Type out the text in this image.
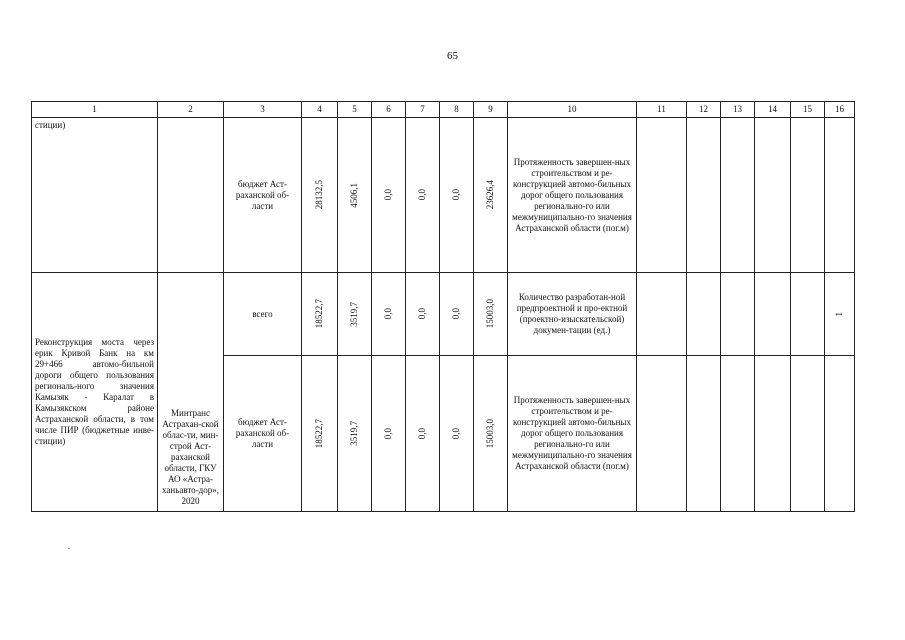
65
1	2	3	4	5	6	7	8	9	10	11	12	13	14	15	16
стиции)		бюджет Аст-раханской об-ласти	28132,5	4506,1	0,0	0,0	0,0	23626,4	Протяженность завершен-ных строительством и ре-конструкцией автомо-бильных дорог общего пользования регионально-го или межмуниципально-го значения Астраханской области (пог.м)						
Реконструкция моста через ерик Кривой Банк на км 29+466 автомо-бильной дороги общего пользования региональ-ного значения Камызяк - Каралат в Камызякском районе Астраханской области, в том числе ПИР (бюджетные инве-стиции)	Минтранс Астрахан-ской облас-ти, мин-строй Аст-раханской области, ГКУ АО «Астра-ханьавто-дор», 2020	всего	18522,7	3519,7	0,0	0,0	0,0	15003,0	Количество разработан-ной предпроектной и про-ектной (проектно-изыскательской) докумен-тации (ед.)						1

		бюджет Аст-раханской об-ласти	18522,7	3519,7	0,0	0,0	0,0	15003,0	Протяженность завершен-ных строительством и ре-конструкцией автомо-бильных дорог общего пользования регионально-го или межмуниципально-го значения Астраханской области (пог.м)						
